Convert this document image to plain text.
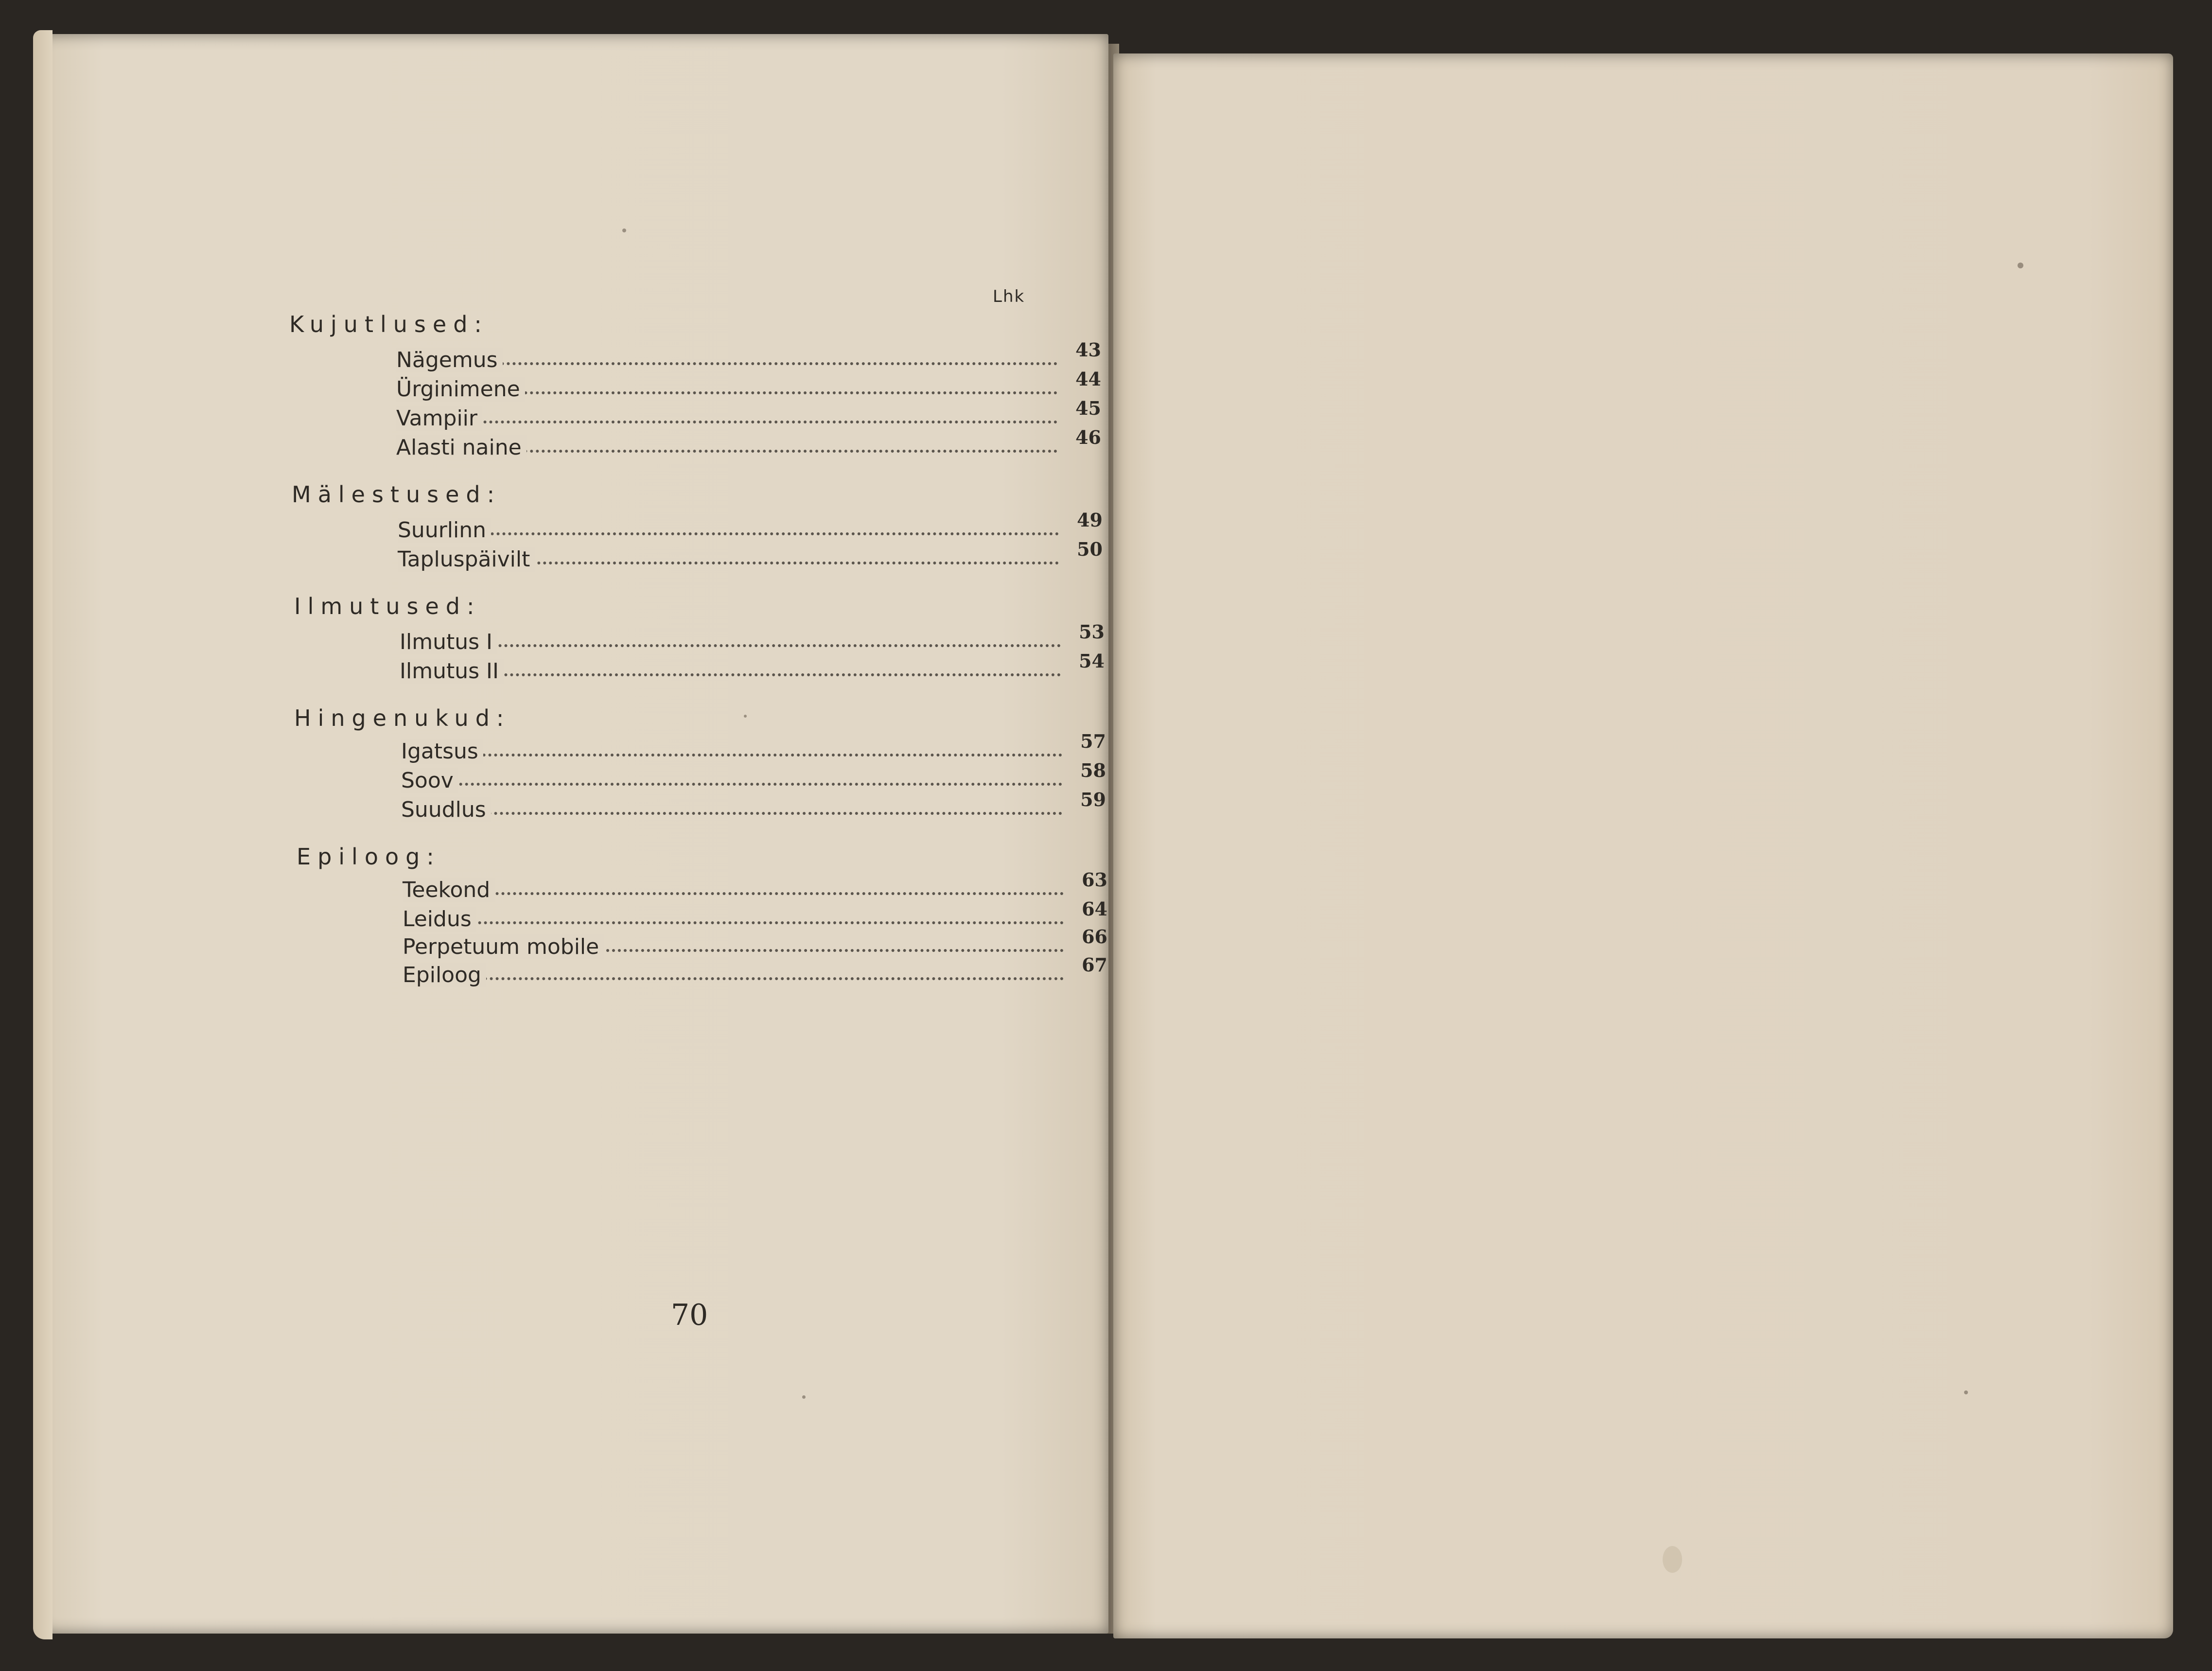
Lhk
Kujutlused:
Nägemus	43
Ürginimene	44
Vampiir	45
Alasti naine	46
Mälestused:
Suurlinn	49
Tapluspäivilt	50
Ilmutused:
Ilmutus I	53
Ilmutus II	54
Hingenukud:
Igatsus	57
Soov	58
Suudlus	59
Epiloog:
Teekond	63
Leidus	64
Perpetuum mobile	66
Epiloog	67
70
